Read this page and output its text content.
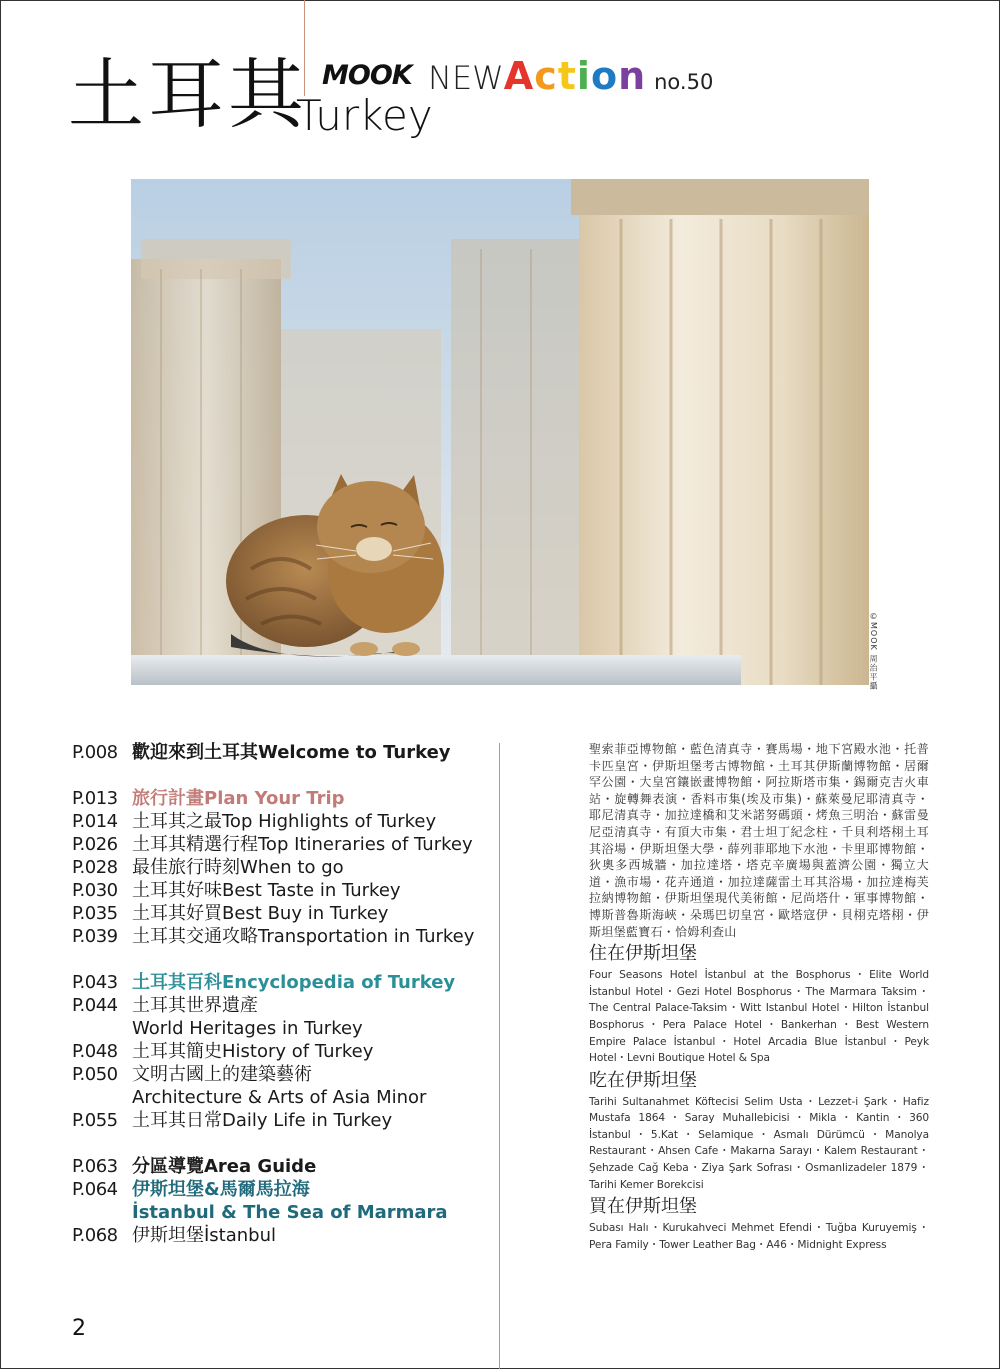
土耳其
Turkey
MOOK NEWAction no.50
©MOOK 周治平攝
P.008 歡迎來到土耳其Welcome to Turkey
P.013 旅行計畫Plan Your Trip
P.014 土耳其之最Top Highlights of Turkey
P.026 土耳其精選行程Top Itineraries of Turkey
P.028 最佳旅行時刻When to go
P.030 土耳其好味Best Taste in Turkey
P.035 土耳其好買Best Buy in Turkey
P.039 土耳其交通攻略Transportation in Turkey
P.043 土耳其百科Encyclopedia of Turkey
P.044 土耳其世界遺產
World Heritages in Turkey
P.048 土耳其簡史History of Turkey
P.050 文明古國上的建築藝術
Architecture & Arts of Asia Minor
P.055 土耳其日常Daily Life in Turkey
P.063 分區導覽Area Guide
P.064 伊斯坦堡&馬爾馬拉海
İstanbul & The Sea of Marmara
P.068 伊斯坦堡İstanbul

聖索菲亞博物館・藍色清真寺・賽馬場・地下宮殿水池・托普卡匹皇宮・伊斯坦堡考古博物館・土耳其伊斯蘭博物館・居爾罕公園・大皇宮鑲嵌畫博物館・阿拉斯塔市集・錫爾克吉火車站・旋轉舞表演・香料市集(埃及市集)・蘇萊曼尼耶清真寺・耶尼清真寺・加拉達橋和艾米諾努碼頭・烤魚三明治・蘇雷曼尼亞清真寺・有頂大市集・君士坦丁紀念柱・千貝利塔栩土耳其浴場・伊斯坦堡大學・薛列菲耶地下水池・卡里耶博物館・狄奧多西城牆・加拉達塔・塔克辛廣場與蓋濟公園・獨立大道・漁市場・花卉通道・加拉達薩雷土耳其浴場・加拉達梅芙拉納博物館・伊斯坦堡現代美術館・尼尚塔什・軍事博物館・博斯普魯斯海峽・朵瑪巴切皇宮・歐塔寇伊・貝栩克塔栩・伊斯坦堡藍寶石・恰姆利查山

住在伊斯坦堡

Four Seasons Hotel İstanbul at the Bosphorus・Elite World İstanbul Hotel・Gezi Hotel Bosphorus・The Marmara Taksim・The Central Palace-Taksim・Witt Istanbul Hotel・Hilton İstanbul Bosphorus・Pera Palace Hotel・Bankerhan・Best Western Empire Palace İstanbul・Hotel Arcadia Blue İstanbul・Peyk Hotel・Levni Boutique Hotel & Spa

吃在伊斯坦堡

Tarihi Sultanahmet Köftecisi Selim Usta・Lezzet-i Şark・Hafiz Mustafa 1864・Saray Muhallebicisi・Mikla・Kantin・360 İstanbul・5.Kat・Selamique・Asmalı Dürümcü・Manolya Restaurant・Ahsen Cafe・Makarna Sarayı・Kalem Restaurant・Şehzade Cağ Keba・Ziya Şark Sofrası・Osmanlizadeler 1879・Tarihi Kemer Borekcisi

買在伊斯坦堡

Subası Halı・Kurukahveci Mehmet Efendi・Tuğba Kuruyemiş・Pera Family・Tower Leather Bag・A46・Midnight Express

2
